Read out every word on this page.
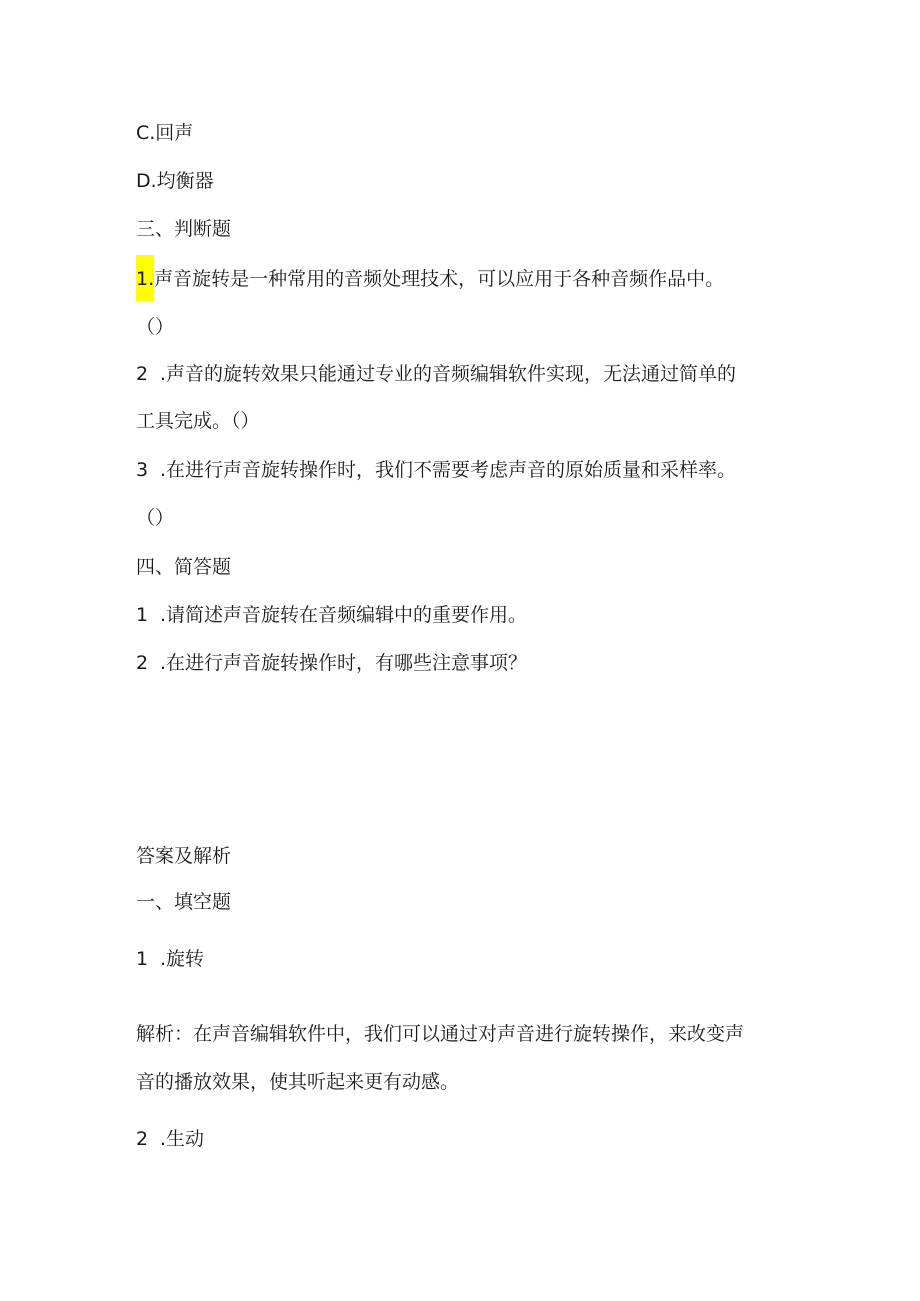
C.回声
D.均衡器
三、判断题
1.声音旋转是一种常用的音频处理技术，可以应用于各种音频作品中。
（）
2 .声音的旋转效果只能通过专业的音频编辑软件实现，无法通过简单的
工具完成。（）
3 .在进行声音旋转操作时，我们不需要考虑声音的原始质量和采样率。
（）
四、简答题
1 .请简述声音旋转在音频编辑中的重要作用。
2 .在进行声音旋转操作时，有哪些注意事项？
答案及解析
一、填空题
1 .旋转
解析：在声音编辑软件中，我们可以通过对声音进行旋转操作，来改变声
音的播放效果，使其听起来更有动感。
2 .生动
